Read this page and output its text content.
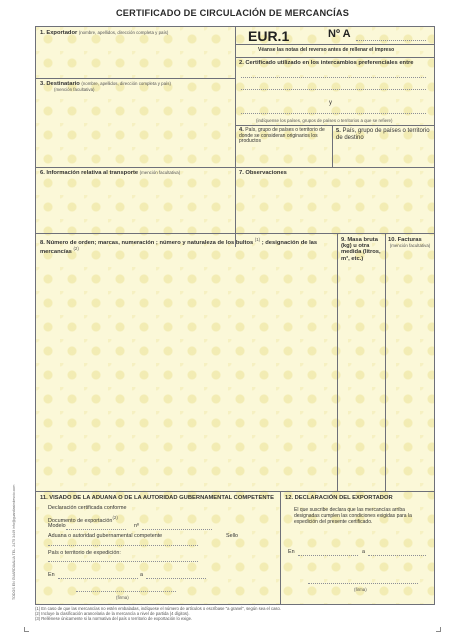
CERTIFICADO DE CIRCULACIÓN DE MERCANCÍAS
1. Exportador (nombre, apellidos, dirección completa y país)	EUR.1	Nº A
Véanse las notas del reverso antes de rellenar el impreso
2. Certificado utilizado en los intercambios preferenciales entre
y
(indíquense los países, grupos de países o territorios a que se refiere)
3. Destinatario (nombre, apellidos, dirección completa y país)
(mención facultativa)
4. País, grupo de países o territorio de donde se consideran originarios los productos
5. País, grupo de países o territorio de destino
6. Información relativa al transporte (mención facultativa)	7. Observaciones
8. Número de orden; marcas, numeración ; número y naturaleza de los bultos $^{(1)}$ ; designación de las mercancías $^{(2)}$
9. Masa bruta (kg) u otra medida (litros, m³, etc.)
10. Facturas

(mención facultativa)
11. VISADO DE LA ADUANA O DE LA AUTORIDAD GUBERNAMENTAL COMPETENTE
Declaración certificada conforme
Documento de exportación$^{(2)}$
Modelo	nº
Aduana o autoridad gubernamental competente	Sello
País o territorio de expedición:
En	a
(firma)
12. DECLARACIÓN DEL EXPORTADOR
El que suscribe declara que las mercancías arriba designadas cumplen las condiciones exigidas para la expedición del presente certificado.
En	a
(firma)
TODOS EN GUARDIAALIA TEL. 2475 3449 info@guardiasindesvio.com
(1) En caso de que las mercancías no estén embaladas, indíquese el número de artículos o escríbase "a granel", según sea el caso.
(2) Incluye la clasificación arancelaria de la mercancía a nivel de partida (4 dígitos).
(3) Rellénese únicamente si la normativa del país o territorio de exportación lo exige.
